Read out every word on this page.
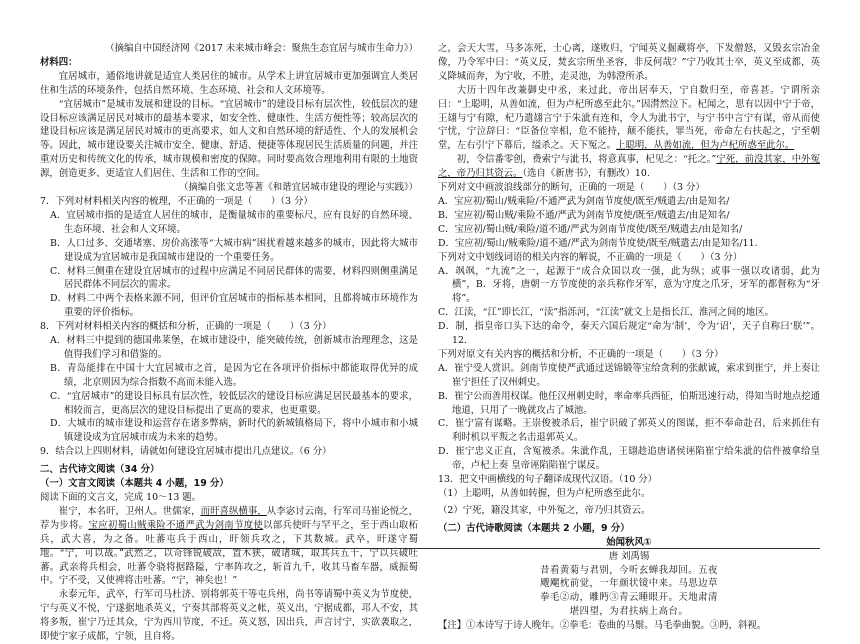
（摘编自中国经济网《2017 未来城市峰会：聚焦生态宜居与城市生命力》）

材料四：

宜居城市，通俗地讲就是适宜人类居住的城市。从学术上讲宜居城市更加强调宜人类居住和生活的环境条件，包括自然环境、生态环境、社会和人文环境等。

“宜居城市”是城市发展和建设的目标。“宜居城市”的建设目标有层次性，较低层次的建设目标应该满足居民对城市的最基本要求，如安全性、健康性、生活方便性等；较高层次的建设目标应该是满足居民对城市的更高要求，如人文和自然环境的舒适性、个人的发展机会等。因此，城市建设要关注城市安全、健康、舒适、便捷等体现居民生活质量的问题，并注重对历史和传统文化的传承，城市规模和密度的保障。同时要高效合理地利用有限的土地资源，创造更多、更适宜人们居住、生活和工作的空间。

（摘编自张文忠等著《和谐宜居城市建设的理论与实践》）

7．下列对材料相关内容的梳理，不正确的一项是（　　）（3 分）

A．宜居城市指的是适宜人居住的城市，是衡量城市的重要标尺，应有良好的自然环境、生态环境、社会和人文环境。

B．人口过多、交通堵塞、房价高涨等“大城市病”困扰着越来越多的城市，因此将大城市建设成为宜居城市是我国城市建设的一个重要任务。

C．材料三侧重在建设宜居城市的过程中应满足不同居民群体的需要，材料四则侧重满足居民群体不同层次的需求。

D．材料二中两个表格来源不同，但评价宜居城市的指标基本相同，且都将城市环境作为重要的评价指标。

8．下列对材料相关内容的概括和分析，正确的一项是（　　）（3 分）

A．材料三中提到的德国弗莱堡，在城市建设中，能突破传统，创新城市治理理念，这是值得我们学习和借鉴的。

B．青岛能排在中国十大宜居城市之首，是因为它在各项评价指标中都能取得优异的成绩，北京则因为综合指数不高而未能入选。

C．“宜居城市”的建设目标具有层次性，较低层次的建设目标应满足居民最基本的要求，相较而言，更高层次的建设目标提出了更高的要求，也更重要。

D．大城市的城市建设和运营存在诸多弊病，新时代的新城镇格局下，将中小城市和小城镇建设成为宜居城市成为未来的趋势。

9．结合以上四则材料，请就如何建设宜居城市提出几点建议。（6 分）

二、古代诗文阅读（34 分）

（一）文言文阅读（本题共 4 小题，19 分）

阅读下面的文言文，完成 10～13 题。

崔宁，本名旰，卫州人。世儒家，而旰喜纵横事，从李宓讨云南，行军司马崔论悦之，荐为步将。宝应初蜀山贼乘险不通严武为剑南节度使以部兵使旰与罕平之，至于西山取柘兵，武大喜，为之备。吐蕃屯兵于西山，旰领兵攻之，下其数城。武卒，旰遂守蜀地。“宁，可以战。”武然之，以奇锋锐破敌，置木狭，破诸城，取其兵五千，宁以兵破吐蕃。武亲将兵相会，吐蕃令骁将据路隘，宁率阵攻之，斩首九千，收其马畜车器，威振蜀中。宁不受，又使裨将击吐蕃。“宁，神矣也！”

永泰元年，武卒，行军司马杜济、别将郭英干等屯兵州，尚书等请蜀中英义为节度使，宁与英义不悦，宁遂据地杀英义，宁奏其部将英义之帐，英义出，宁据成都，邛人不安，其将多叛，崔宁乃迁其众，宁为西川节度，不迁。英义怒，因出兵，声言讨宁，实欲袭取之，即使宁家子成都，宁领，且自将。

之，会天大雪，马多冻死，士心离，遂败归，宁闻英义掘藏将亭，下发僧怒，又毁玄宗冶金像，乃令军中曰：“英义反，焚玄宗所坐圣容，非反何哉？”宁乃收其士卒，英义至成都，英义降城而奔，为宁收，不胜，走灵池，为韩澄所杀。

大历十四年改兼御史中丞，来过此，帝出居奉天，宁自数归至，帝喜甚。宁谓所亲曰：“上聪明，从善如流，但为卢杞所惑至此尔。”因潸然泣下。杞闻之，思有以因中宁于帝，王翃与宁有隙，杞乃遣翃言宁于朱泚有连和，令人为泚书宁，与宁书中言宁有谋，帝从而使宁忧，宁泣辞曰：“臣备位宰相，危不能持，颠不能扶，罪当死，帝命左右扶起之，宁至朝堂，左右引宁下幕后，缢杀之。天下冤之。上聪明，从善如流，但为卢杞所惑至此尔。

初，令信番零创，费索宁与泚书，将意真事，杞见之：“托之。”宁死，前没其家，中外冤之，帝乃归其资云。（选自《新唐书》，有删改）10.

下列对文中画波浪线部分的断句，正确的一项是（　　）（3 分）

A．宝应初/蜀山/贼乘险/不通严武为剑南节度使/既至/贼遣去/由是知名/

B．宝应初/蜀山贼/乘险不通/严武为剑南节度使/既至/贼遣去/由是知名/

C．宝应初/蜀山贼/乘险/道不通/严武为剑南节度使/既至/贼遣去/由是知名/

D．宝应初/蜀山/贼乘险/道不通/严武为剑南节度使/既至/贼遣去/由是知名/11.

下列对文中划线词语的相关内容的解说，不正确的一项是（　　）（3 分）

A．飒飒，“九流”之一，起源于“成合众国以攻一强，此为纵；或事一强以攻诸弱，此为横”，B．牙将，唐朝一方节度使的亲兵称作牙军，意为守度之爪牙，牙军的都督称为“牙将”。

C．江渎，“江”即长江，“渎”指泺河，“江渎”就文上是指长江、淮河之间的地区。

D．制，指皇帝口头下达的命令，秦天六国后规定“命为‘制’，令为‘诏’，天子自称曰‘朕’”。12.

下列对原文有关内容的概括和分析，不正确的一项是（　　）（3 分）

A．崔宁受人赏识。剑南节度使严武通过送锦锻等宝给贪利的张献诚，索求到崔宁，并上奏让崔宁担任了汉州刺史。

B．崔宁公而善用权谋。他任汉州刺史时，率命率兵西征，伯斯迅速行动，得知当时地点挖通地道，只用了一晚就攻占了城池。

C．崔宁富有谋略。王崇俊被杀后，崔宁识破了郭英乂的图谋，拒不奉命赴召，后来抓住有利时机以平叛之名击退郭英乂。

D．崔宁忠义正直，含冤被杀。朱泚作乱，王翃趁追唐诸侯诬陷崔宁给朱泚的信件被拿给皇帝，卢杞上奏 皇帝诬陷陷崔宁谋反。

13．把文中画横线的句子翻译成现代汉语。（10 分）

（1）上聪明，从善如转握，但为卢杞所惑至此尔。

（2）宁死，籍没其家，中外冤之，帝乃归其资云。

（二）古代诗歌阅读（本题共 2 小题，9 分）

始闻秋风①

唐 刘禹锡

昔看黄菊与君别，今听玄蝉我却回。五夜

飕飗枕前觉，一年颜状镜中来。马思边草

拳毛②动，雕眄③青云睡眼开。天地肃清

堪四望，为君扶病上高台。

【注】①本诗写于诗人晚年。②拳毛：卷曲的马鬃。马毛拳曲貌。③眄，斜视。
